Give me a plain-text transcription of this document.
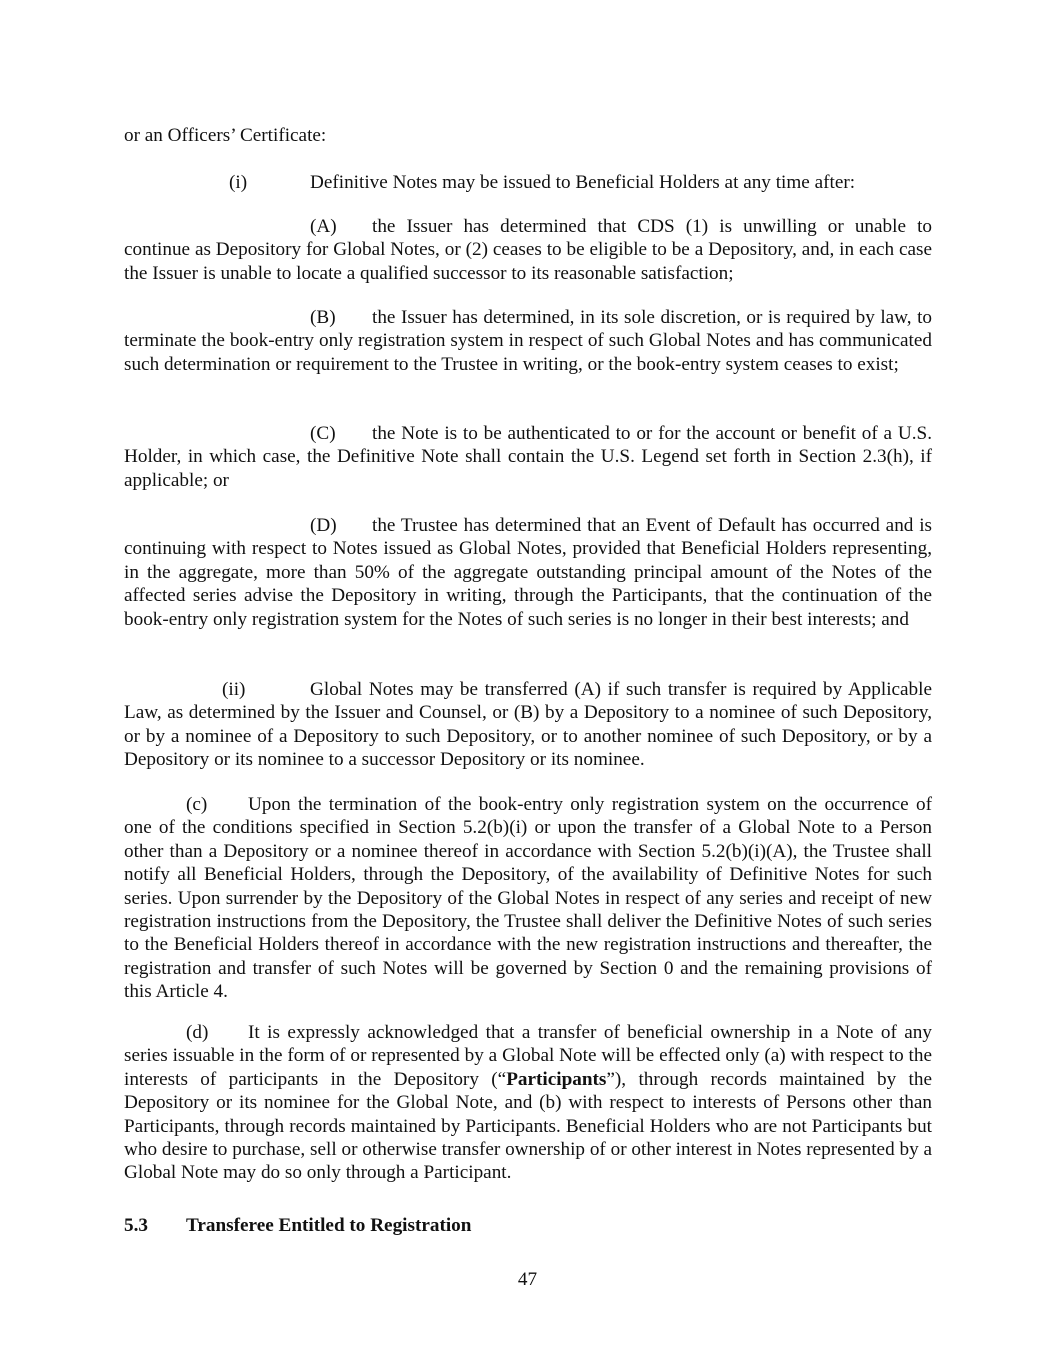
or an Officers’ Certificate:
(i)	Definitive Notes may be issued to Beneficial Holders at any time after:
(A) the Issuer has determined that CDS (1) is unwilling or unable to continue as Depository for Global Notes, or (2) ceases to be eligible to be a Depository, and, in each case the Issuer is unable to locate a qualified successor to its reasonable satisfaction;
(B) the Issuer has determined, in its sole discretion, or is required by law, to terminate the book-entry only registration system in respect of such Global Notes and has communicated such determination or requirement to the Trustee in writing, or the book-entry system ceases to exist;
(C) the Note is to be authenticated to or for the account or benefit of a U.S. Holder, in which case, the Definitive Note shall contain the U.S. Legend set forth in Section 2.3(h), if applicable; or
(D) the Trustee has determined that an Event of Default has occurred and is continuing with respect to Notes issued as Global Notes, provided that Beneficial Holders representing, in the aggregate, more than 50% of the aggregate outstanding principal amount of the Notes of the affected series advise the Depository in writing, through the Participants, that the continuation of the book-entry only registration system for the Notes of such series is no longer in their best interests; and
(ii)	Global Notes may be transferred (A) if such transfer is required by Applicable Law, as determined by the Issuer and Counsel, or (B) by a Depository to a nominee of such Depository, or by a nominee of a Depository to such Depository, or to another nominee of such Depository, or by a Depository or its nominee to a successor Depository or its nominee.
(c) Upon the termination of the book-entry only registration system on the occurrence of one of the conditions specified in Section 5.2(b)(i) or upon the transfer of a Global Note to a Person other than a Depository or a nominee thereof in accordance with Section 5.2(b)(i)(A), the Trustee shall notify all Beneficial Holders, through the Depository, of the availability of Definitive Notes for such series. Upon surrender by the Depository of the Global Notes in respect of any series and receipt of new registration instructions from the Depository, the Trustee shall deliver the Definitive Notes of such series to the Beneficial Holders thereof in accordance with the new registration instructions and thereafter, the registration and transfer of such Notes will be governed by Section 0 and the remaining provisions of this Article 4.
(d) It is expressly acknowledged that a transfer of beneficial ownership in a Note of any series issuable in the form of or represented by a Global Note will be effected only (a) with respect to the interests of participants in the Depository (“Participants”), through records maintained by the Depository or its nominee for the Global Note, and (b) with respect to interests of Persons other than Participants, through records maintained by Participants. Beneficial Holders who are not Participants but who desire to purchase, sell or otherwise transfer ownership of or other interest in Notes represented by a Global Note may do so only through a Participant.
5.3 Transferee Entitled to Registration
47
